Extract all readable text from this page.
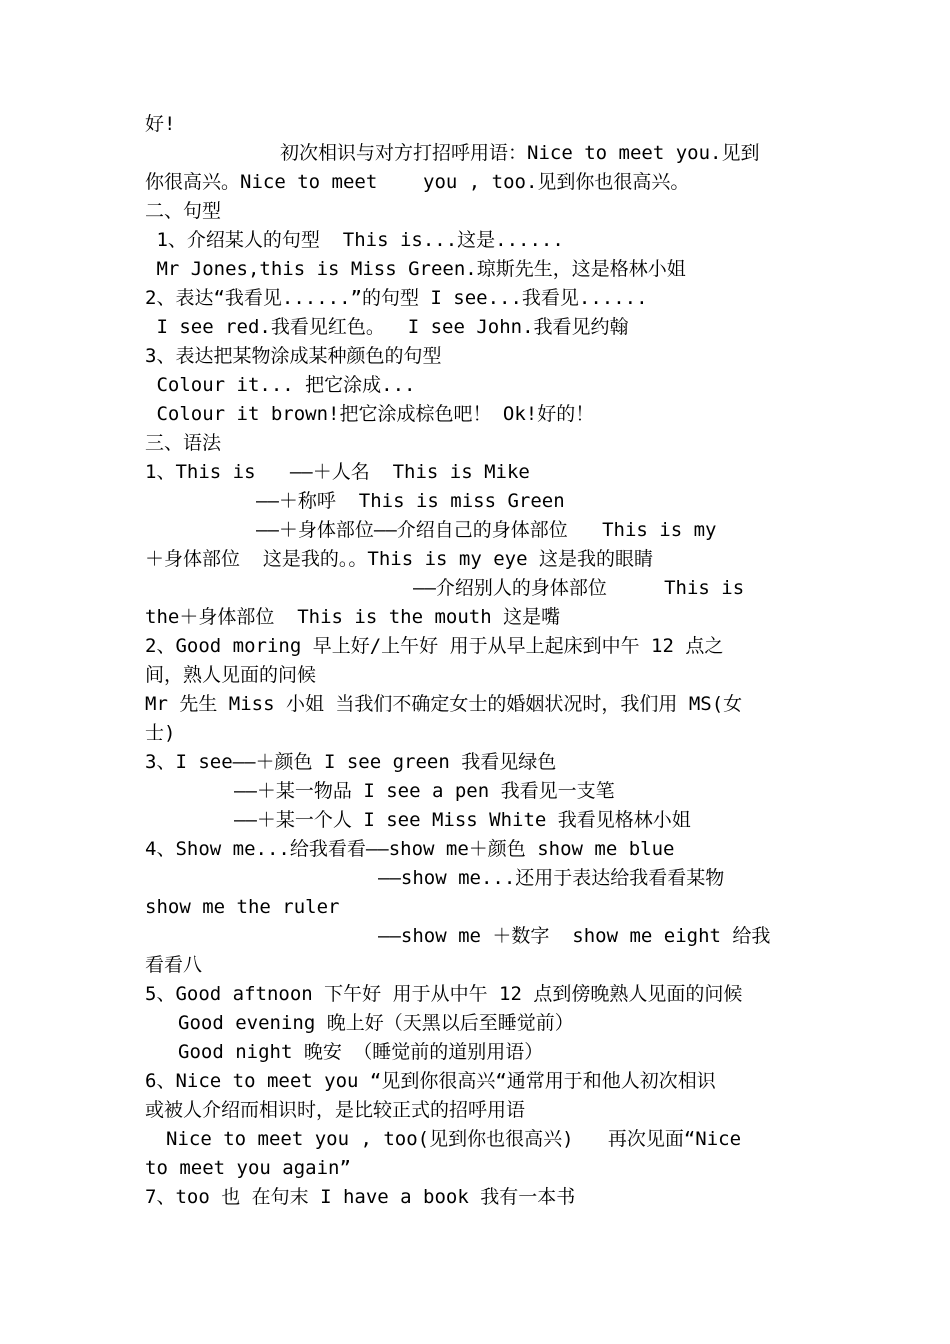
好!
初次相识与对方打招呼用语：Nice to meet you.见到
你很高兴。Nice to meet    you , too.见到你也很高兴。
二、句型
1、介绍某人的句型  This is...这是......
Mr Jones,this is Miss Green.琼斯先生，这是格林小姐
2、表达“我看见......”的句型 I see...我看见......
I see red.我看见红色。  I see John.我看见约翰
3、表达把某物涂成某种颜色的句型
Colour it... 把它涂成...
Colour it brown!把它涂成棕色吧！ Ok!好的！
三、语法
1、This is   ——＋人名  This is Mike
——＋称呼  This is miss Green
——＋身体部位——介绍自己的身体部位   This is my
＋身体部位  这是我的。。This is my eye 这是我的眼睛
——介绍别人的身体部位     This is
the＋身体部位  This is the mouth 这是嘴
2、Good moring 早上好/上午好 用于从早上起床到中午 12 点之
间，熟人见面的问候
Mr 先生 Miss 小姐 当我们不确定女士的婚姻状况时，我们用 MS(女
士)
3、I see——＋颜色 I see green 我看见绿色
——＋某一物品 I see a pen 我看见一支笔
——＋某一个人 I see Miss White 我看见格林小姐
4、Show me...给我看看——show me＋颜色 show me blue
——show me...还用于表达给我看看某物
show me the ruler
——show me ＋数字  show me eight 给我
看看八
5、Good aftnoon 下午好 用于从中午 12 点到傍晚熟人见面的问候
Good evening 晚上好（天黑以后至睡觉前）
Good night 晚安 （睡觉前的道别用语）
6、Nice to meet you “见到你很高兴“通常用于和他人初次相识
或被人介绍而相识时，是比较正式的招呼用语
Nice to meet you , too(见到你也很高兴)   再次见面“Nice
to meet you again”
7、too 也 在句末 I have a book 我有一本书
